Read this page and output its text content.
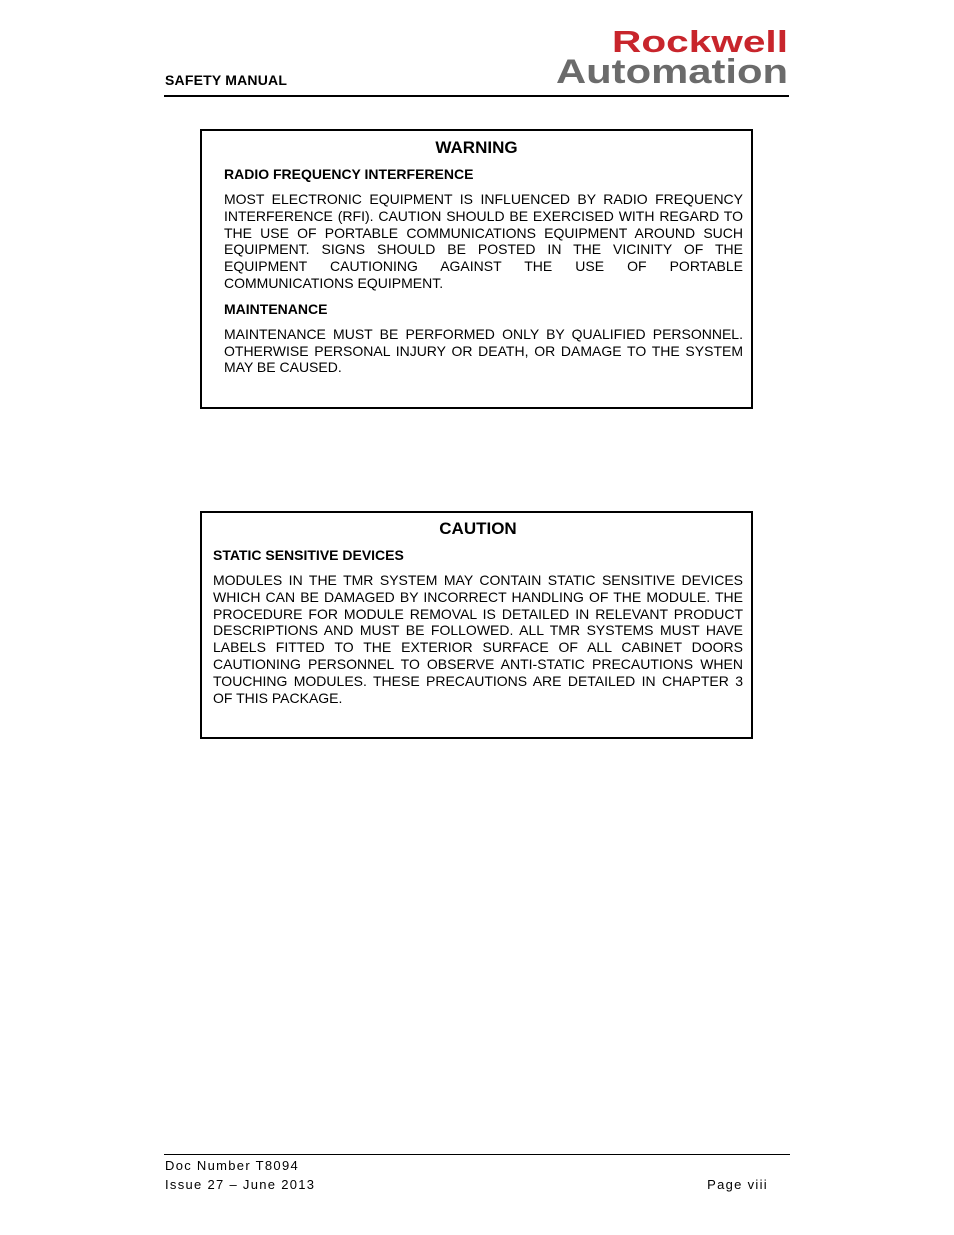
SAFETY MANUAL
Rockwell
Automation
WARNING

RADIO FREQUENCY INTERFERENCE

MOST ELECTRONIC EQUIPMENT IS INFLUENCED BY RADIO FREQUENCY INTERFERENCE (RFI). CAUTION SHOULD BE EXERCISED WITH REGARD TO THE USE OF PORTABLE COMMUNICATIONS EQUIPMENT AROUND SUCH EQUIPMENT. SIGNS SHOULD BE POSTED IN THE VICINITY OF THE EQUIPMENT CAUTIONING AGAINST THE USE OF PORTABLE COMMUNICATIONS EQUIPMENT.

MAINTENANCE

MAINTENANCE MUST BE PERFORMED ONLY BY QUALIFIED PERSONNEL. OTHERWISE PERSONAL INJURY OR DEATH, OR DAMAGE TO THE SYSTEM MAY BE CAUSED.

CAUTION

STATIC SENSITIVE DEVICES

MODULES IN THE TMR SYSTEM MAY CONTAIN STATIC SENSITIVE DEVICES WHICH CAN BE DAMAGED BY INCORRECT HANDLING OF THE MODULE. THE PROCEDURE FOR MODULE REMOVAL IS DETAILED IN RELEVANT PRODUCT DESCRIPTIONS AND MUST BE FOLLOWED. ALL TMR SYSTEMS MUST HAVE LABELS FITTED TO THE EXTERIOR SURFACE OF ALL CABINET DOORS CAUTIONING PERSONNEL TO OBSERVE ANTI-STATIC PRECAUTIONS WHEN TOUCHING MODULES. THESE PRECAUTIONS ARE DETAILED IN CHAPTER 3 OF THIS PACKAGE.

Doc Number T8094
Issue 27 – June 2013	Page viii
